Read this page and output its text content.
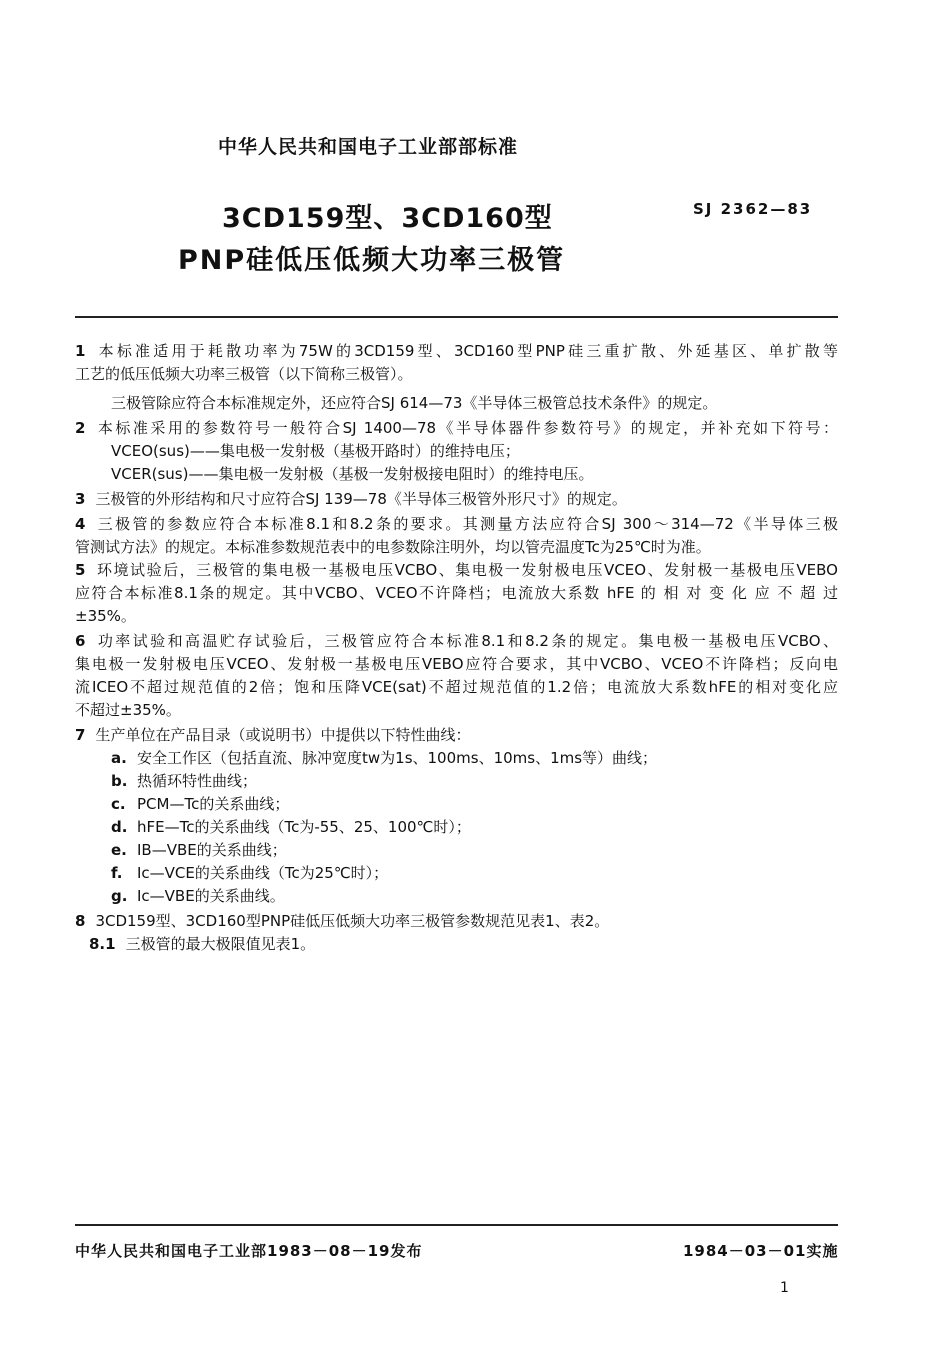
中华人民共和国电子工业部部标准
3CD159型、3CD160型	SJ 2362—83
PNP硅低压低频大功率三极管
1 本标准适用于耗散功率为75W的3CD159型、3CD160型PNP硅三重扩散、外延基区、单扩散等
工艺的低压低频大功率三极管（以下简称三极管）。
三极管除应符合本标准规定外，还应符合SJ 614—73《半导体三极管总技术条件》的规定。
2 本标准采用的参数符号一般符合SJ 1400—78《半导体器件参数符号》的规定，并补充如下符号：
VCEO(sus)——集电极一发射极（基极开路时）的维持电压；
VCER(sus)——集电极一发射极（基极一发射极接电阻时）的维持电压。
3 三极管的外形结构和尺寸应符合SJ 139—78《半导体三极管外形尺寸》的规定。
4 三极管的参数应符合本标准8.1和8.2条的要求。其测量方法应符合SJ 300～314—72《半导体三极
管测试方法》的规定。本标准参数规范表中的电参数除注明外，均以管壳温度Tc为25℃时为准。
5 环境试验后，三极管的集电极一基极电压VCBO、集电极一发射极电压VCEO、发射极一基极电压VEBO
应符合本标准8.1条的规定。其中VCBO、VCEO不许降档；电流放大系数 hFE 的 相 对 变 化 应 不 超 过
±35%。
6 功率试验和高温贮存试验后，三极管应符合本标准8.1和8.2条的规定。集电极一基极电压VCBO、
集电极一发射极电压VCEO、发射极一基极电压VEBO应符合要求，其中VCBO、VCEO不许降档；反向电
流ICEO不超过规范值的2倍；饱和压降VCE(sat)不超过规范值的1.2倍；电流放大系数hFE的相对变化应
不超过±35%。
7 生产单位在产品目录（或说明书）中提供以下特性曲线：
a. 安全工作区（包括直流、脉冲宽度tw为1s、100ms、10ms、1ms等）曲线；
b. 热循环特性曲线；
c. PCM—Tc的关系曲线；
d. hFE—Tc的关系曲线（Tc为-55、25、100℃时）；
e. IB—VBE的关系曲线；
f. Ic—VCE的关系曲线（Tc为25℃时）；
g. Ic—VBE的关系曲线。
8 3CD159型、3CD160型PNP硅低压低频大功率三极管参数规范见表1、表2。
8.1 三极管的最大极限值见表1。
中华人民共和国电子工业部1983－08－19发布	1984－03－01实施
1
